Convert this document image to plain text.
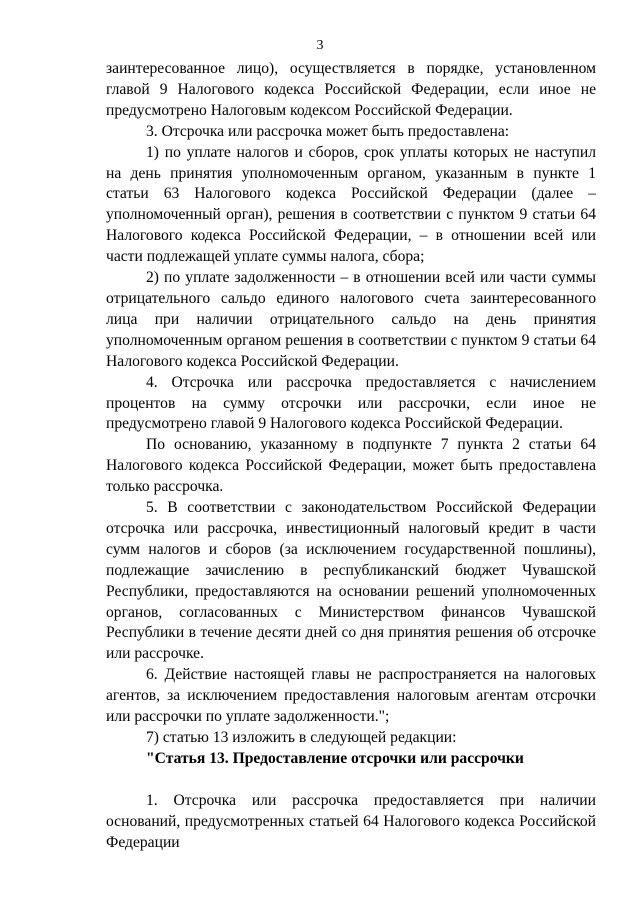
3

заинтересованное лицо), осуществляется в порядке, установленном главой 9 Налогового кодекса Российской Федерации, если иное не предусмотрено Налоговым кодексом Российской Федерации.

3. Отсрочка или рассрочка может быть предоставлена:

1) по уплате налогов и сборов, срок уплаты которых не наступил на день принятия уполномоченным органом, указанным в пункте 1 статьи 63 Налогового кодекса Российской Федерации (далее – уполномоченный орган), решения в соответствии с пунктом 9 статьи 64 Налогового кодекса Российской Федерации, – в отношении всей или части подлежащей уплате суммы налога, сбора;

2) по уплате задолженности – в отношении всей или части суммы отрицательного сальдо единого налогового счета заинтересованного лица при наличии отрицательного сальдо на день принятия уполномоченным органом решения в соответствии с пунктом 9 статьи 64 Налогового кодекса Российской Федерации.

4. Отсрочка или рассрочка предоставляется с начислением процентов на сумму отсрочки или рассрочки, если иное не предусмотрено главой 9 Налогового кодекса Российской Федерации.

По основанию, указанному в подпункте 7 пункта 2 статьи 64 Налогового кодекса Российской Федерации, может быть предоставлена только рассрочка.

5. В соответствии с законодательством Российской Федерации отсрочка или рассрочка, инвестиционный налоговый кредит в части сумм налогов и сборов (за исключением государственной пошлины), подлежащие зачислению в республиканский бюджет Чувашской Республики, предоставляются на основании решений уполномоченных органов, согласованных с Министерством финансов Чувашской Республики в течение десяти дней со дня принятия решения об отсрочке или рассрочке.

6. Действие настоящей главы не распространяется на налоговых агентов, за исключением предоставления налоговым агентам отсрочки или рассрочки по уплате задолженности.";

7) статью 13 изложить в следующей редакции:

"Статья 13. Предоставление отсрочки или рассрочки

1. Отсрочка или рассрочка предоставляется при наличии оснований, предусмотренных статьей 64 Налогового кодекса Российской Федерации
